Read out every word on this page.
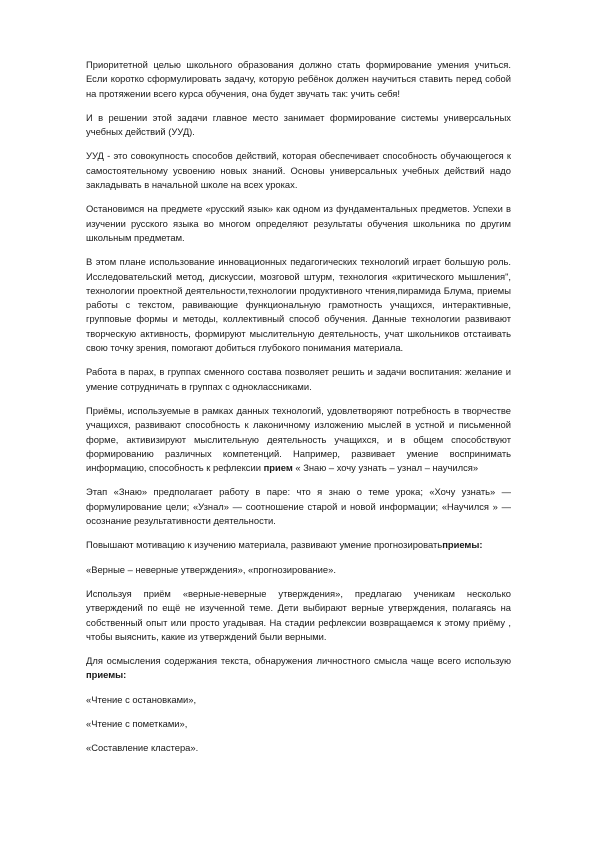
Приоритетной целью школьного образования должно стать формирование умения учиться. Если коротко сформулировать задачу, которую ребёнок должен научиться ставить перед собой на протяжении всего курса обучения, она будет звучать так: учить себя!

И в решении этой задачи главное место занимает формирование системы универсальных учебных действий (УУД).

УУД - это совокупность способов действий, которая обеспечивает способность обучающегося к самостоятельному усвоению новых знаний. Основы универсальных учебных действий надо закладывать в начальной школе на всех уроках.

Остановимся на предмете «русский язык» как одном из фундаментальных предметов. Успехи в изучении русского языка во многом определяют результаты обучения школьника по другим школьным предметам.

В этом плане использование инновационных педагогических технологий играет большую роль. Исследовательский метод, дискуссии, мозговой штурм, технология «критического мышления", технологии проектной деятельности,технологии продуктивного чтения,пирамида Блума, приемы работы с текстом, равивающие функциональную грамотность учащихся, интерактивные, групповые формы и методы, коллективный способ обучения. Данные технологии развивают творческую активность, формируют мыслительную деятельность, учат школьников отстаивать свою точку зрения, помогают добиться глубокого понимания материала.

Работа в парах, в группах сменного состава позволяет решить и задачи воспитания: желание и умение сотрудничать в группах с одноклассниками.

Приёмы, используемые в рамках данных технологий, удовлетворяют потребность в творчестве учащихся, развивают способность к лаконичному изложению мыслей в устной и письменной форме, активизируют мыслительную деятельность учащихся, и в общем способствуют формированию различных компетенций. Например, развивает умение воспринимать информацию, способность к рефлексии прием « Знаю – хочу узнать – узнал – научился»

Этап «Знаю» предполагает работу в паре: что я знаю о теме урока; «Хочу узнать» — формулирование цели; «Узнал» — соотношение старой и новой информации; «Научился » — осознание результативности деятельности.

Повышают мотивацию к изучению материала, развивают умение прогнозироватьприемы:

«Верные – неверные утверждения», «прогнозирование».

Используя приём «верные-неверные утверждения», предлагаю ученикам несколько утверждений по ещё не изученной теме. Дети выбирают верные утверждения, полагаясь на собственный опыт или просто угадывая. На стадии рефлексии возвращаемся к этому приёму , чтобы выяснить, какие из утверждений были верными.

Для осмысления содержания текста, обнаружения личностного смысла чаще всего использую приемы:

«Чтение с остановками»,

«Чтение с пометками»,

«Составление кластера».
